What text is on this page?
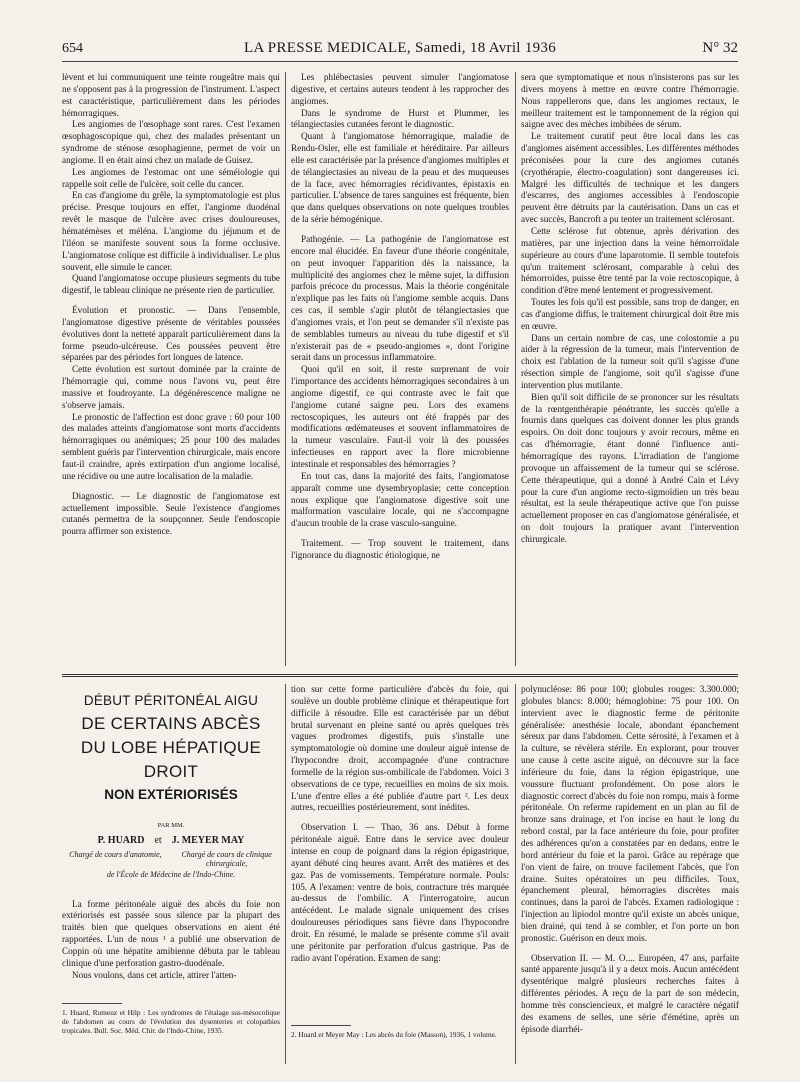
654	LA PRESSE MEDICALE, Samedi, 18 Avril 1936	N° 32

lèvent et lui communiquent une teinte rougeâtre mais qui ne s'opposent pas à la progression de l'instrument. L'aspect est caractéristique, particulièrement dans les périodes hémorragiques.

Les angiomes de l'œsophage sont rares. C'est l'examen œsophagoscopique qui, chez des malades présentant un syndrome de sténose œsophagienne, permet de voir un angiome. Il en était ainsi chez un malade de Guisez.

Les angiomes de l'estomac ont une séméiologie qui rappelle soit celle de l'ulcère, soit celle du cancer.

En cas d'angiome du grêle, la symptomatologie est plus précise. Presque toujours en effet, l'angiome duodénal revêt le masque de l'ulcère avec crises douloureuses, hématémèses et méléna. L'angiome du jéjunum et de l'iléon se manifeste souvent sous la forme occlusive. L'angiomatose colique est difficile à individualiser. Le plus souvent, elle simule le cancer.

Quand l'angiomatose occupe plusieurs segments du tube digestif, le tableau clinique ne présente rien de particulier.

Évolution et pronostic. — Dans l'ensemble, l'angiomatose digestive présente de véritables poussées évolutives dont la netteté apparaît particulièrement dans la forme pseudo-ulcéreuse. Ces poussées peuvent être séparées par des périodes fort longues de latence.

Cette évolution est surtout dominée par la crainte de l'hémorragie qui, comme nous l'avons vu, peut être massive et foudroyante. La dégénérescence maligne ne s'observe jamais.

Le pronostic de l'affection est donc grave : 60 pour 100 des malades atteints d'angiomatose sont morts d'accidents hémorragiques ou anémiques; 25 pour 100 des malades semblent guéris par l'intervention chirurgicale, mais encore faut-il craindre, après extirpation d'un angiome localisé, une récidive ou une autre localisation de la maladie.

Diagnostic. — Le diagnostic de l'angiomatose est actuellement impossible. Seule l'existence d'angiomes cutanés permettra de la soupçonner. Seule l'endoscopie pourra affirmer son existence.

Les phlébectasies peuvent simuler l'angiomatose digestive, et certains auteurs tendent à les rapprocher des angiomes.

Dans le syndrome de Hurst et Plummer, les télangiectasies cutanées feront le diagnostic.

Quant à l'angiomatose hémorragique, maladie de Rendu-Osler, elle est familiale et héréditaire. Par ailleurs elle est caractérisée par la présence d'angiomes multiples et de télangiectasies au niveau de la peau et des muqueuses de la face, avec hémorragies récidivantes, épistaxis en particulier. L'absence de tares sanguines est fréquente, bien que dans quelques observations on note quelques troubles de la série hémogénique.

Pathogénie. — La pathogénie de l'angiomatose est encore mal élucidée. En faveur d'une théorie congénitale, on peut invoquer l'apparition dès la naissance, la multiplicité des angiomes chez le même sujet, la diffusion parfois précoce du processus. Mais la théorie congénitale n'explique pas les faits où l'angiome semble acquis. Dans ces cas, il semble s'agir plutôt de télangiectasies que d'angiomes vrais, et l'on peut se demander s'il n'existe pas de semblables tumeurs au niveau du tube digestif et s'il n'existerait pas de « pseudo-angiomes », dont l'origine serait dans un processus inflammatoire.

Quoi qu'il en soit, il reste surprenant de voir l'importance des accidents hémorragiques secondaires à un angiome digestif, ce qui contraste avec le fait que l'angiome cutané saigne peu. Lors des examens rectoscopiques, les auteurs ont été frappés par des modifications œdémateuses et souvent inflammatoires de la tumeur vasculaire. Faut-il voir là des poussées infectieuses en rapport avec la flore microbienne intestinale et responsables des hémorragies ?

En tout cas, dans la majorité des faits, l'angiomatose apparaît comme une dysembryoplasie; cette conception nous explique que l'angiomatose digestive soit une malformation vasculaire locale, qui ne s'accompagne d'aucun trouble de la crase vasculo-sanguine.

Traitement. — Trop souvent le traitement, dans l'ignorance du diagnostic étiologique, ne

sera que symptomatique et nous n'insisterons pas sur les divers moyens à mettre en œuvre contre l'hémorragie. Nous rappellerons que, dans les angiomes rectaux, le meilleur traitement est le tamponnement de la région qui saigne avec des mèches imbibées de sérum.

Le traitement curatif peut être local dans les cas d'angiomes aisément accessibles. Les différentes méthodes préconisées pour la cure des angiomes cutanés (cryothérapie, électro-coagulation) sont dangereuses ici. Malgré les difficultés de technique et les dangers d'escarres, des angiomes accessibles à l'endoscopie peuvent être détruits par la cautérisation. Dans un cas et avec succès, Bancroft a pu tenter un traitement sclérosant.

Cette sclérose fut obtenue, après dérivation des matières, par une injection dans la veine hémorroïdale supérieure au cours d'une laparotomie. Il semble toutefois qu'un traitement sclérosant, comparable à celui des hémorroïdes, puisse être tenté par la voie rectoscopique, à condition d'être mené lentement et progressivement.

Toutes les fois qu'il est possible, sans trop de danger, en cas d'angiome diffus, le traitement chirurgical doit être mis en œuvre.

Dans un certain nombre de cas, une colostomie a pu aider à la régression de la tumeur, mais l'intervention de choix est l'ablation de la tumeur soit qu'il s'agisse d'une résection simple de l'angiome, soit qu'il s'agisse d'une intervention plus mutilante.

Bien qu'il soit difficile de se prononcer sur les résultats de la rœntgenthérapie pénétrante, les succès qu'elle a fournis dans quelques cas doivent donner les plus grands espoirs. On doit donc toujours y avoir recours, même en cas d'hémorragie, étant donné l'influence anti-hémorragique des rayons. L'irradiation de l'angiome provoque un affaissement de la tumeur qui se sclérose. Cette thérapeutique, qui a donné à André Cain et Lévy pour la cure d'un angiome recto-sigmoïdien un très beau résultat, est la seule thérapeutique active que l'on puisse actuellement proposer en cas d'angiomatose généralisée, et on doit toujours la pratiquer avant l'intervention chirurgicale.

DÉBUT PÉRITONÉAL AIGU
DE CERTAINS ABCÈS
DU LOBE HÉPATIQUE DROIT
NON EXTÉRIORISÉS
PAR MM.
P. HUARD et J. MEYER MAY
Chargé de cours d'anatomie, Chargé de cours de clinique chirurgicale,
de l'École de Médecine de l'Indo-Chine.

La forme péritonéale aiguë des abcès du foie non extériorisés est passée sous silence par la plupart des traités bien que quelques observations en aient été rapportées. L'un de nous ¹ a publié une observation de Coppin où une hépatite amibienne débuta par le tableau clinique d'une perforation gastro-duodénale.

Nous voulons, dans cet article, attirer l'atten-

tion sur cette forme particulière d'abcès du foie, qui soulève un double problème clinique et thérapeutique fort difficile à résoudre. Elle est caractérisée par un début brutal survenant en pleine santé ou après quelques très vagues prodromes digestifs, puis s'installe une symptomatologie où domine une douleur aiguë intense de l'hypocondre droit, accompagnée d'une contracture formelle de la région sus-ombilicale de l'abdomen. Voici 3 observations de ce type, recueillies en moins de six mois. L'une d'entre elles a été publiée d'autre part ². Les deux autres, recueillies postérieurement, sont inédites.

Observation I. — Thao, 36 ans. Début à forme péritonéale aiguë. Entre dans le service avec douleur intense en coup de poignard dans la région épigastrique, ayant débuté cinq heures avant. Arrêt des matières et des gaz. Pas de vomissements. Température normale. Pouls: 105. A l'examen: ventre de bois, contracture très marquée au-dessus de l'ombilic. A l'interrogatoire, aucun antécédent. Le malade signale uniquement des crises douloureuses périodiques sans fièvre dans l'hypocondre droit. En résumé, le malade se présente comme s'il avait une péritonite par perforation d'ulcus gastrique. Pas de radio avant l'opération. Examen de sang:

polynucléose: 86 pour 100; globules rouges: 3.300.000; globules blancs: 8.000; hémoglobine: 75 pour 100. On intervient avec le diagnostic ferme de péritonite généralisée: anesthésie locale, abondant épanchement séreux par dans l'abdomen. Cette sérosité, à l'examen et à la culture, se révèlera stérile. En explorant, pour trouver une cause à cette ascite aiguë, on découvre sur la face inférieure du foie, dans la région épigastrique, une voussure fluctuant profondément. On pose alors le diagnostic correct d'abcès du foie non rompu, mais à forme péritonéale. On referme rapidement en un plan au fil de bronze sans drainage, et l'on incise en haut le long du rebord costal, par la face antérieure du foie, pour profiter des adhérences qu'on a constatées par en dedans, entre le bord antérieur du foie et la paroi. Grâce au repérage que l'on vient de faire, on trouve facilement l'abcès, que l'on draine. Suites opératoires un peu difficiles. Toux, épanchement pleural, hémorragies discrètes mais continues, dans la paroi de l'abcès. Examen radiologique : l'injection au lipiodol montre qu'il existe un abcès unique, bien drainé, qui tend à se combler, et l'on porte un bon pronostic. Guérison en deux mois.

Observation II. — M. O.... Européen, 47 ans, parfaite santé apparente jusqu'à il y a deux mois. Aucun antécédent dysentérique malgré plusieurs recherches faites à différentes périodes. A reçu de la part de son médecin, homme très consciencieux, et malgré le caractère négatif des examens de selles, une série d'émétine, après un épisode diarrhéi-

1. Huard, Rumeuz et Hilp : Les syndromes de l'étalage sus-mésocolique de l'abdomen au cours de l'évolution des dysenteries et colopathies tropicales. Bull. Soc. Méd. Chir. de l'Indo-Chine, 1935.	2. Huard et Meyer May : Les abcès du foie (Masson), 1936, 1 volume.
